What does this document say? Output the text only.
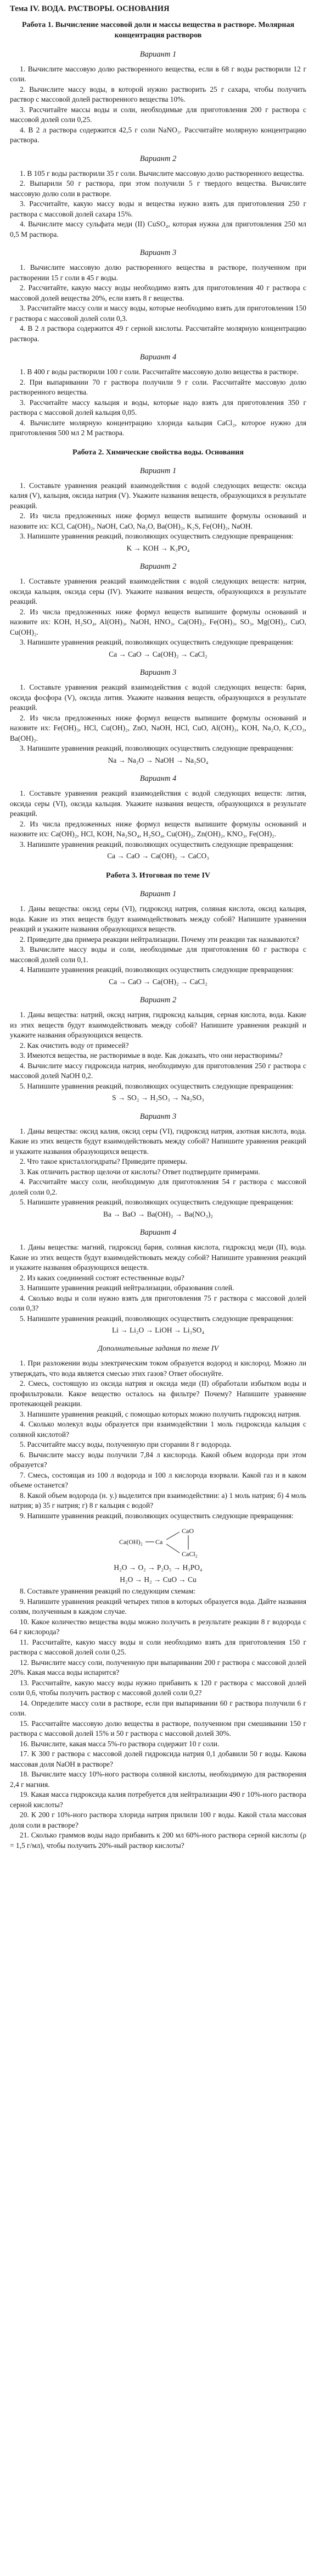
Тема IV. ВОДА. РАСТВОРЫ. ОСНОВАНИЯ
Работа 1. Вычисление массовой доли и массы вещества в растворе. Молярная концентрация растворов
Вариант 1

1. Вычислите массовую долю растворенного вещества, если в 68 г воды растворили 12 г соли.

2. Вычислите массу воды, в которой нужно растворить 25 г сахара, чтобы получить раствор с массовой долей растворенного вещества 10%.

3. Рассчитайте массы воды и соли, необходимые для приготовления 200 г раствора с массовой долей соли 0,25.

4. В 2 л раствора содержится 42,5 г соли NaNO₃. Рассчитайте молярную концентрацию раствора.

Вариант 2

1. В 105 г воды растворили 35 г соли. Вычислите массовую долю растворенного вещества.

2. Выпарили 50 г раствора, при этом получили 5 г твердого вещества. Вычислите массовую долю соли в растворе.

3. Рассчитайте, какую массу воды и вещества нужно взять для приготовления 250 г раствора с массовой долей сахара 15%.

4. Вычислите массу сульфата меди (II) CuSO₄, которая нужна для приготовления 250 мл 0,5 М раствора.

Вариант 3

1. Вычислите массовую долю растворенного вещества в растворе, полученном при растворении 15 г соли в 45 г воды.

2. Рассчитайте, какую массу воды необходимо взять для приготовления 40 г раствора с массовой долей вещества 20%, если взять 8 г вещества.

3. Рассчитайте массу соли и массу воды, которые необходимо взять для приготовления 150 г раствора с массовой долей соли 0,3.

4. В 2 л раствора содержится 49 г серной кислоты. Рассчитайте молярную концентрацию раствора.

Вариант 4

1. В 400 г воды растворили 100 г соли. Рассчитайте массовую долю вещества в растворе.

2. При выпаривании 70 г раствора получили 9 г соли. Рассчитайте массовую долю растворенного вещества.

3. Рассчитайте массу кальция и воды, которые надо взять для приготовления 350 г раствора с массовой долей кальция 0,05.

4. Вычислите молярную концентрацию хлорида кальция CaCl₂, которое нужно для приготовления 500 мл 2 М раствора.

Работа 2. Химические свойства воды. Основания
Вариант 1

1. Составьте уравнения реакций взаимодействия с водой следующих веществ: оксида калия (V), кальция, оксида натрия (V). Укажите названия веществ, образующихся в результате реакций.

2. Из числа предложенных ниже формул веществ выпишите формулы оснований и назовите их: KCl, Ca(OH)₂, NaOH, CaO, Na₂O, Ba(OH)₂, K₂S, Fe(OH)₂, NaOH.

3. Напишите уравнения реакций, позволяющих осуществить следующие превращения:

K → KOH → K₃PO₄
Вариант 2

1. Составьте уравнения реакций взаимодействия с водой следующих веществ: натрия, оксида кальция, оксида серы (IV). Укажите названия веществ, образующихся в результате реакций.

2. Из числа предложенных ниже формул веществ выпишите формулы оснований и назовите их: KOH, H₂SO₄, Al(OH)₃, NaOH, HNO₃, Ca(OH)₂, Fe(OH)₃, SO₃, Mg(OH)₂, CuO, Cu(OH)₂.

3. Напишите уравнения реакций, позволяющих осуществить следующие превращения:

Ca → CaO → Ca(OH)₂ → CaCl₂
Вариант 3

1. Составьте уравнения реакций взаимодействия с водой следующих веществ: бария, оксида фосфора (V), оксида лития. Укажите названия веществ, образующихся в результате реакций.

2. Из числа предложенных ниже формул веществ выпишите формулы оснований и назовите их: Fe(OH)₃, HCl, Cu(OH)₂, ZnO, NaOH, HCl, CuO, Al(OH)₃, KOH, Na₂O, K₂CO₃, Ba(OH)₂.

3. Напишите уравнения реакций, позволяющих осуществить следующие превращения:

Na → Na₂O → NaOH → Na₂SO₄
Вариант 4

1. Составьте уравнения реакций взаимодействия с водой следующих веществ: лития, оксида серы (VI), оксида кальция. Укажите названия веществ, образующихся в результате реакций.

2. Из числа предложенных ниже формул веществ выпишите формулы оснований и назовите их: Ca(OH)₂, HCl, KOH, Na₂SO₄, H₂SO₄, Cu(OH)₂, Zn(OH)₂, KNO₃, Fe(OH)₂.

3. Напишите уравнения реакций, позволяющих осуществить следующие превращения:

Ca → CaO → Ca(OH)₂ → CaCO₃
Работа 3. Итоговая по теме IV
Вариант 1

1. Даны вещества: оксид серы (VI), гидроксид натрия, соляная кислота, оксид кальция, вода. Какие из этих веществ будут взаимодействовать между собой? Напишите уравнения реакций и укажите названия образующихся веществ.

2. Приведите два примера реакции нейтрализации. Почему эти реакции так называются?

3. Вычислите массу воды и соли, необходимые для приготовления 60 г раствора с массовой долей соли 0,1.

4. Напишите уравнения реакций, позволяющих осуществить следующие превращения:

Ca → CaO → Ca(OH)₂ → CaCl₂
Вариант 2

1. Даны вещества: натрий, оксид натрия, гидроксид кальция, серная кислота, вода. Какие из этих веществ будут взаимодействовать между собой? Напишите уравнения реакций и укажите названия образующихся веществ.

2. Как очистить воду от примесей?

3. Имеются вещества, не растворимые в воде. Как доказать, что они нерастворимы?

4. Вычислите массу гидроксида натрия, необходимую для приготовления 250 г раствора с массовой долей NaOH 0,2.

5. Напишите уравнения реакций, позволяющих осуществить следующие превращения:

S → SO₂ → H₂SO₃ → Na₂SO₃
Вариант 3

1. Даны вещества: оксид калия, оксид серы (VI), гидроксид натрия, азотная кислота, вода. Какие из этих веществ будут взаимодействовать между собой? Напишите уравнения реакций и укажите названия образующихся веществ.

2. Что такое кристаллогидраты? Приведите примеры.

3. Как отличить раствор щелочи от кислоты? Ответ подтвердите примерами.

4. Рассчитайте массу соли, необходимую для приготовления 54 г раствора с массовой долей соли 0,2.

5. Напишите уравнения реакций, позволяющих осуществить следующие превращения:

Ba → BaO → Ba(OH)₂ → Ba(NO₃)₂
Вариант 4

1. Даны вещества: магний, гидроксид бария, соляная кислота, гидроксид меди (II), вода. Какие из этих веществ будут взаимодействовать между собой? Напишите уравнения реакций и укажите названия образующихся веществ.

2. Из каких соединений состоят естественные воды?

3. Напишите уравнения реакций нейтрализации, образования солей.

4. Сколько воды и соли нужно взять для приготовления 75 г раствора с массовой долей соли 0,3?

5. Напишите уравнения реакций, позволяющих осуществить следующие превращения:

Li → Li₂O → LiOH → Li₂SO₄
Дополнительные задания по теме IV

1. При разложении воды электрическим током образуется водород и кислород. Можно ли утверждать, что вода является смесью этих газов? Ответ обоснуйте.

2. Смесь, состоящую из оксида натрия и оксида меди (II) обработали избытком воды и профильтровали. Какое вещество осталось на фильтре? Почему? Напишите уравнение протекающей реакции.

3. Напишите уравнения реакций, с помощью которых можно получить гидроксид натрия.

4. Сколько молекул воды образуется при взаимодействии 1 моль гидроксида кальция с соляной кислотой?

5. Рассчитайте массу воды, полученную при сгорании 8 г водорода.

6. Вычислите массу воды получили 7,84 л кислорода. Какой объем водорода при этом образуется?

7. Смесь, состоящая из 100 л водорода и 100 л кислорода взорвали. Какой газ и в каком объеме останется?

8. Какой объем водорода (н. у.) выделится при взаимодействии: а) 1 моль натрия; б) 4 моль натрия; в) 35 г натрия; г) 8 г кальция с водой?

9. Напишите уравнения реакций, позволяющих осуществить следующие превращения:

Ca(OH)₂ Ca
CaO
CaCl₂
H₂O → O₂ → P₂O₅ → H₃PO₄
H₂O → H₂ → CuO → Cu

8. Составьте уравнения реакций по следующим схемам:

9. Напишите уравнения реакций четырех типов в которых образуется вода. Дайте названия солям, полученным в каждом случае.

10. Какое количество вещества воды можно получить в результате реакции 8 г водорода с 64 г кислорода?

11. Рассчитайте, какую массу воды и соли необходимо взять для приготовления 150 г раствора с массовой долей соли 0,25.

12. Вычислите массу соли, полученную при выпаривании 200 г раствора с массовой долей 20%. Какая масса воды испарится?

13. Рассчитайте, какую массу воды нужно прибавить к 120 г раствора с массовой долей соли 0,6, чтобы получить раствор с массовой долей соли 0,2?

14. Определите массу соли в растворе, если при выпаривании 60 г раствора получили 6 г соли.

15. Рассчитайте массовую долю вещества в растворе, полученном при смешивании 150 г раствора с массовой долей 15% и 50 г раствора с массовой долей 30%.

16. Вычислите, какая масса 5%-го раствора содержит 10 г соли.

17. К 300 г раствора с массовой долей гидроксида натрия 0,1 добавили 50 г воды. Какова массовая доля NaOH в растворе?

18. Вычислите массу 10%-ного раствора соляной кислоты, необходимую для растворения 2,4 г магния.

19. Какая масса гидроксида калия потребуется для нейтрализации 490 г 10%-ного раствора серной кислоты?

20. К 200 г 10%-ного раствора хлорида натрия прилили 100 г воды. Какой стала массовая доля соли в растворе?

21. Сколько граммов воды надо прибавить к 200 мл 60%-ного раствора серной кислоты (ρ = 1,5 г/мл), чтобы получить 20%-ный раствор кислоты?
